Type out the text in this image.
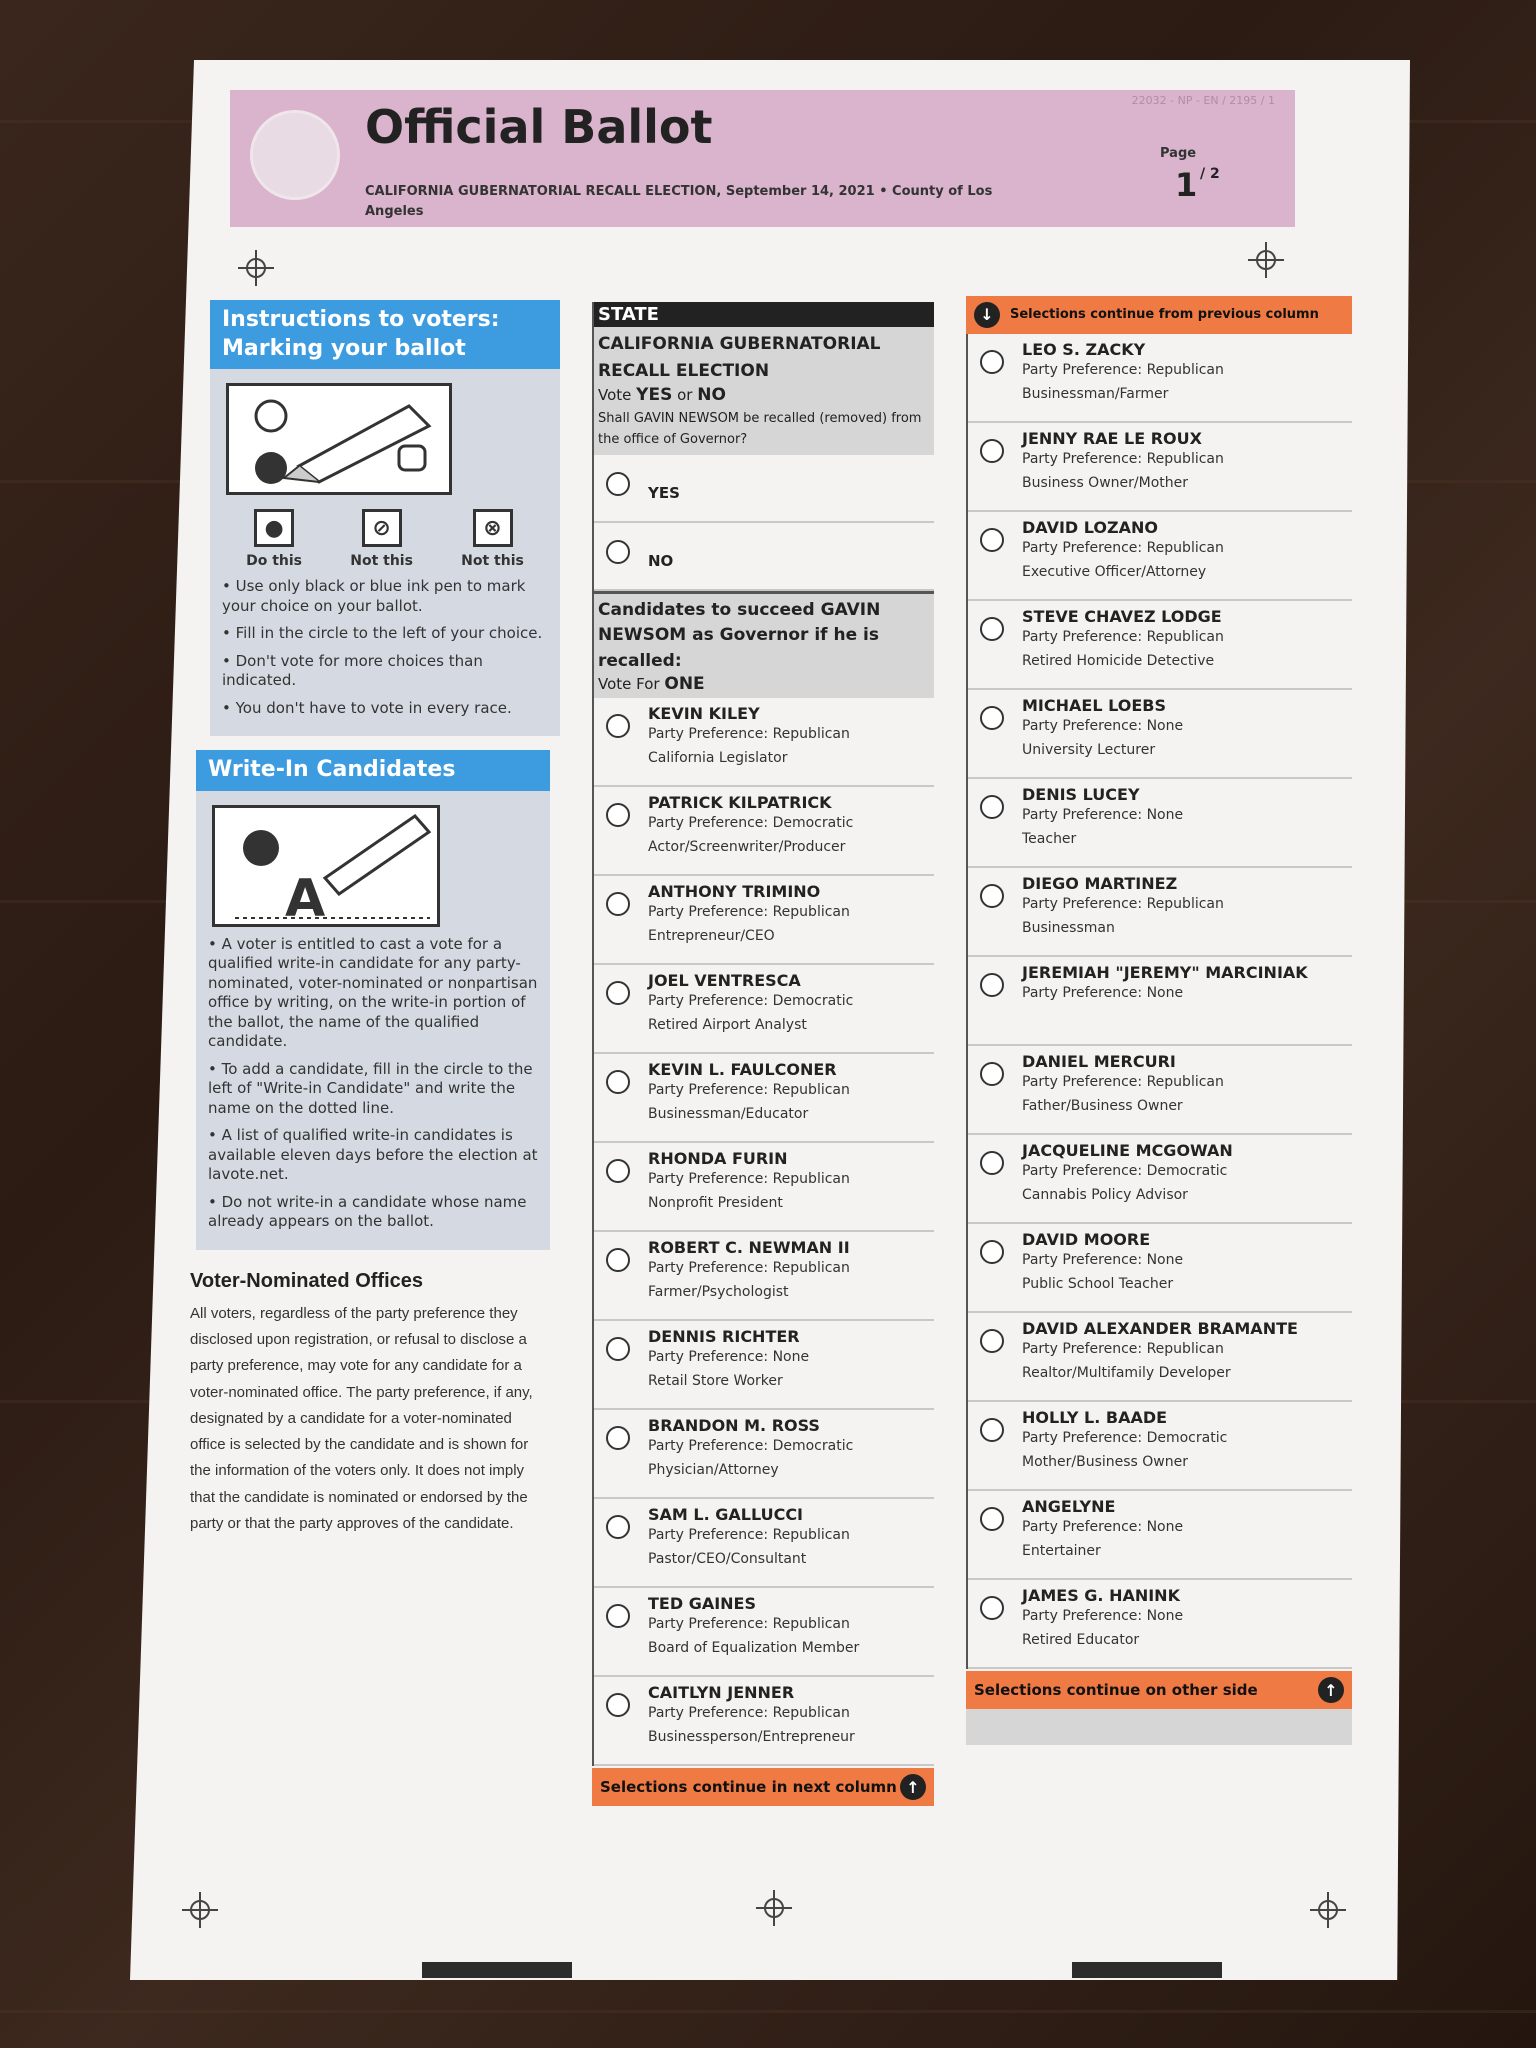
Official Ballot
CALIFORNIA GUBERNATORIAL RECALL ELECTION, September 14, 2021 • County of Los Angeles
22032 - NP - EN / 2195 / 1
Page
1 / 2
Instructions to voters: Marking your ballot
●
Do this
⊘
Not this
⊗
Not this
• Use only black or blue ink pen to mark your choice on your ballot.
• Fill in the circle to the left of your choice.
• Don't vote for more choices than indicated.
• You don't have to vote in every race.
Write-In Candidates
A
• A voter is entitled to cast a vote for a qualified write-in candidate for any party-nominated, voter-nominated or nonpartisan office by writing, on the write-in portion of the ballot, the name of the qualified candidate.
• To add a candidate, fill in the circle to the left of "Write-in Candidate" and write the name on the dotted line.
• A list of qualified write-in candidates is available eleven days before the election at lavote.net.
• Do not write-in a candidate whose name already appears on the ballot.
Voter-Nominated Offices
All voters, regardless of the party preference they disclosed upon registration, or refusal to disclose a party preference, may vote for any candidate for a voter-nominated office. The party preference, if any, designated by a candidate for a voter-nominated office is selected by the candidate and is shown for the information of the voters only. It does not imply that the candidate is nominated or endorsed by the party or that the party approves of the candidate.
STATE
CALIFORNIA GUBERNATORIAL RECALL ELECTION
Vote YES or NO
Shall GAVIN NEWSOM be recalled (removed) from the office of Governor?
YES
NO
Candidates to succeed GAVIN NEWSOM as Governor if he is recalled:
Vote For ONE
KEVIN KILEY
Party Preference: Republican
California Legislator
PATRICK KILPATRICK
Party Preference: Democratic
Actor/Screenwriter/Producer
ANTHONY TRIMINO
Party Preference: Republican
Entrepreneur/CEO
JOEL VENTRESCA
Party Preference: Democratic
Retired Airport Analyst
KEVIN L. FAULCONER
Party Preference: Republican
Businessman/Educator
RHONDA FURIN
Party Preference: Republican
Nonprofit President
ROBERT C. NEWMAN II
Party Preference: Republican
Farmer/Psychologist
DENNIS RICHTER
Party Preference: None
Retail Store Worker
BRANDON M. ROSS
Party Preference: Democratic
Physician/Attorney
SAM L. GALLUCCI
Party Preference: Republican
Pastor/CEO/Consultant
TED GAINES
Party Preference: Republican
Board of Equalization Member
CAITLYN JENNER
Party Preference: Republican
Businessperson/Entrepreneur
Selections continue in next column ↑
↓	Selections continue from previous column
LEO S. ZACKY
Party Preference: Republican
Businessman/Farmer
JENNY RAE LE ROUX
Party Preference: Republican
Business Owner/Mother
DAVID LOZANO
Party Preference: Republican
Executive Officer/Attorney
STEVE CHAVEZ LODGE
Party Preference: Republican
Retired Homicide Detective
MICHAEL LOEBS
Party Preference: None
University Lecturer
DENIS LUCEY
Party Preference: None
Teacher
DIEGO MARTINEZ
Party Preference: Republican
Businessman
JEREMIAH "JEREMY" MARCINIAK
Party Preference: None
DANIEL MERCURI
Party Preference: Republican
Father/Business Owner
JACQUELINE MCGOWAN
Party Preference: Democratic
Cannabis Policy Advisor
DAVID MOORE
Party Preference: None
Public School Teacher
DAVID ALEXANDER BRAMANTE
Party Preference: Republican
Realtor/Multifamily Developer
HOLLY L. BAADE
Party Preference: Democratic
Mother/Business Owner
ANGELYNE
Party Preference: None
Entertainer
JAMES G. HANINK
Party Preference: None
Retired Educator
Selections continue on other side	↑
